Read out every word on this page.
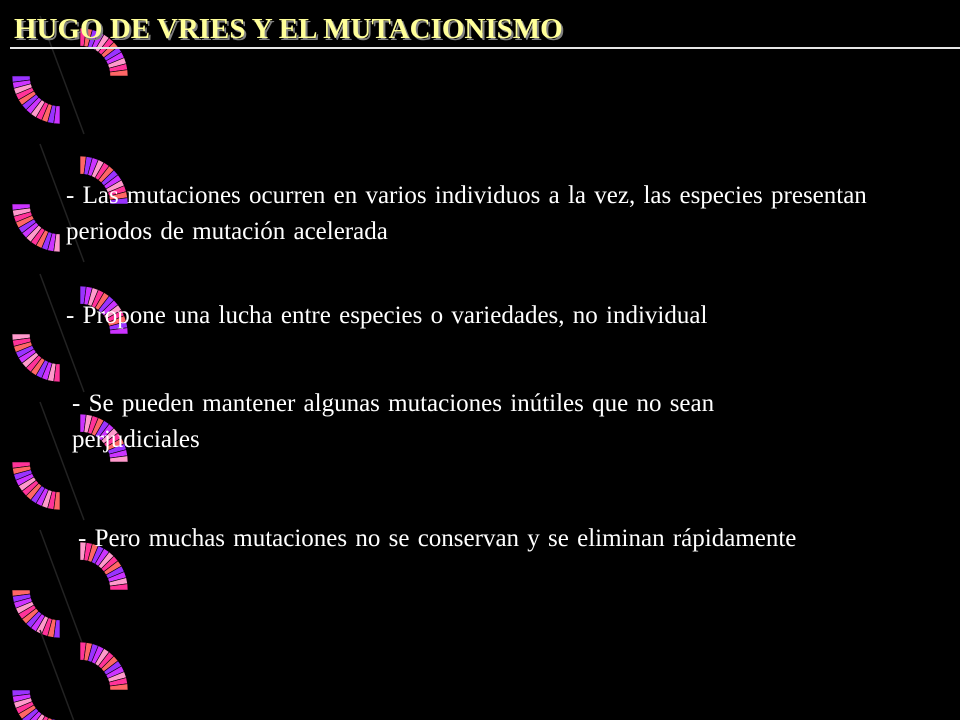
HUGO DE VRIES Y EL MUTACIONISMO

- Las mutaciones ocurren en varios individuos a la vez, las especies presentan periodos de mutación acelerada

- Propone una lucha entre especies o variedades, no individual

- Se pueden mantener algunas mutaciones inútiles que no sean perjudiciales

- Pero muchas mutaciones no se conservan y se eliminan rápidamente
